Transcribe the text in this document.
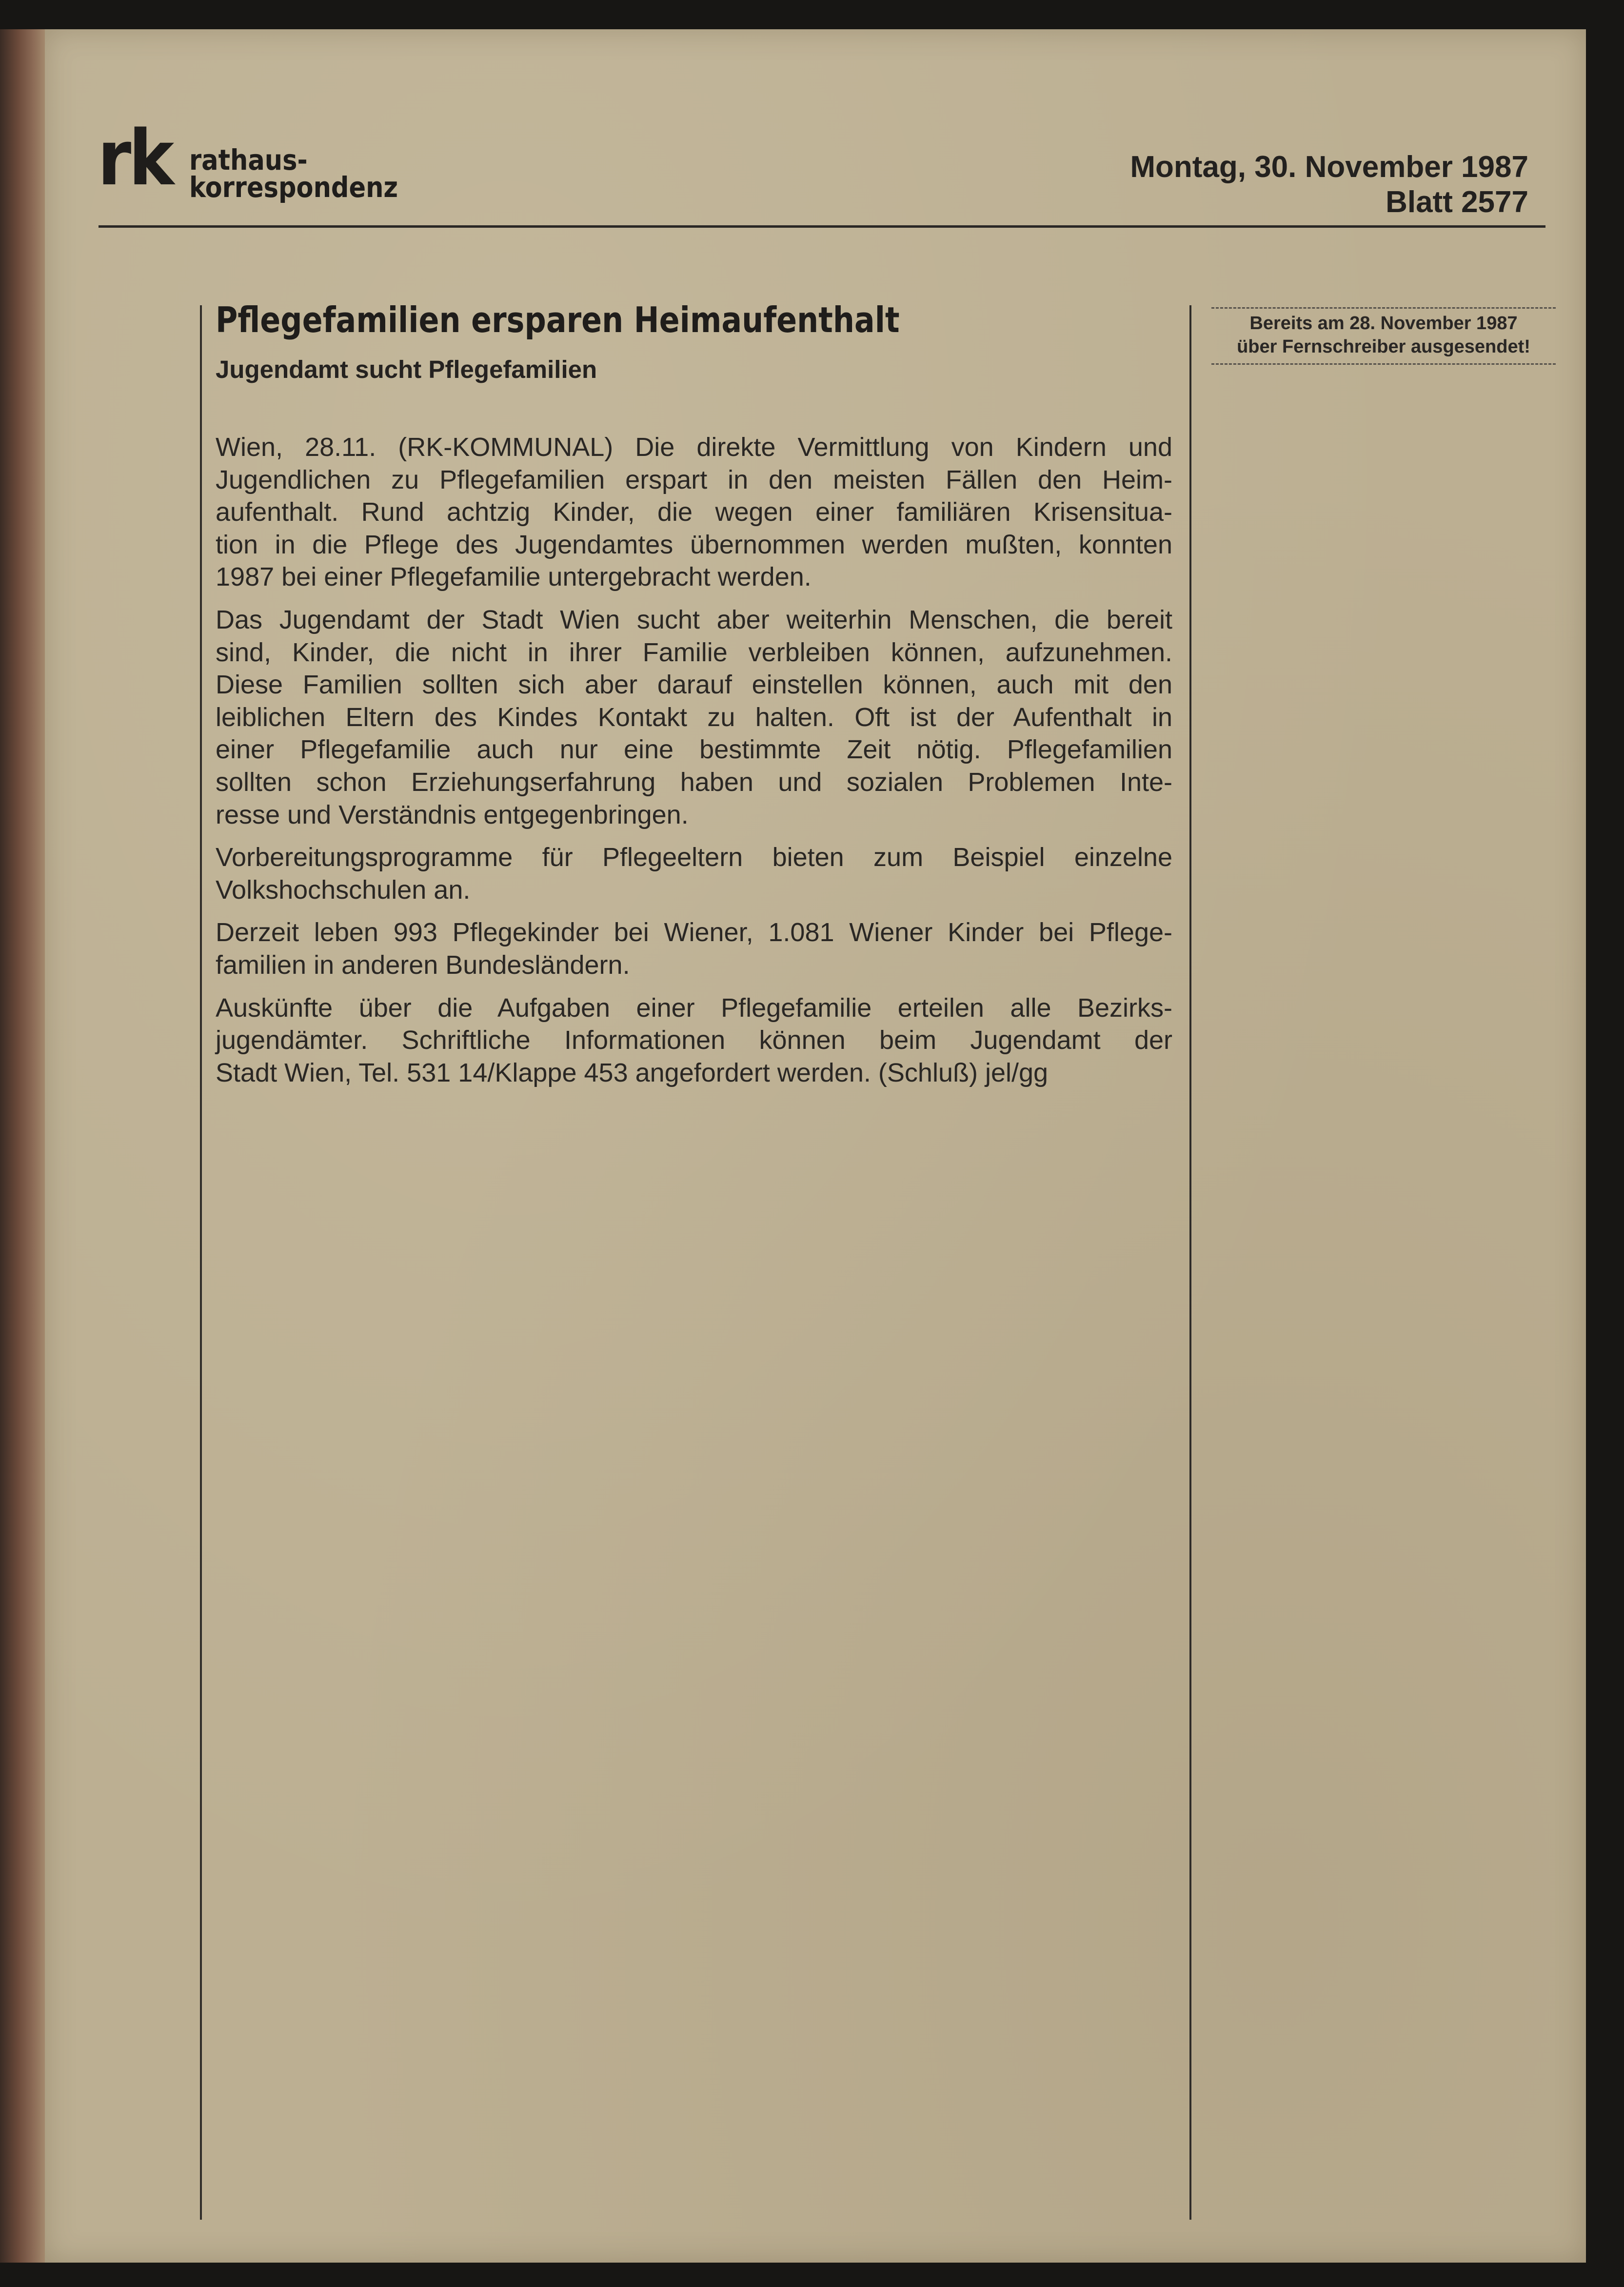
rk rathaus-
korrespondenz
Montag, 30. November 1987
Blatt 2577
Pflegefamilien ersparen Heimaufenthalt
Jugendamt sucht Pflegefamilien

Wien, 28.11. (RK-KOMMUNAL) Die direkte Vermittlung von Kindern und
Jugendlichen zu Pflegefamilien erspart in den meisten Fällen den Heim-
aufenthalt. Rund achtzig Kinder, die wegen einer familiären Krisensitua-
tion in die Pflege des Jugendamtes übernommen werden mußten, konnten
1987 bei einer Pflegefamilie untergebracht werden.

Das Jugendamt der Stadt Wien sucht aber weiterhin Menschen, die bereit
sind, Kinder, die nicht in ihrer Familie verbleiben können, aufzunehmen.
Diese Familien sollten sich aber darauf einstellen können, auch mit den
leiblichen Eltern des Kindes Kontakt zu halten. Oft ist der Aufenthalt in
einer Pflegefamilie auch nur eine bestimmte Zeit nötig. Pflegefamilien
sollten schon Erziehungserfahrung haben und sozialen Problemen Inte-
resse und Verständnis entgegenbringen.

Vorbereitungsprogramme für Pflegeeltern bieten zum Beispiel einzelne
Volkshochschulen an.

Derzeit leben 993 Pflegekinder bei Wiener, 1.081 Wiener Kinder bei Pflege-
familien in anderen Bundesländern.

Auskünfte über die Aufgaben einer Pflegefamilie erteilen alle Bezirks-
jugendämter. Schriftliche Informationen können beim Jugendamt der
Stadt Wien, Tel. 531 14/Klappe 453 angefordert werden. (Schluß) jel/gg

Bereits am 28. November 1987
über Fernschreiber ausgesendet!
